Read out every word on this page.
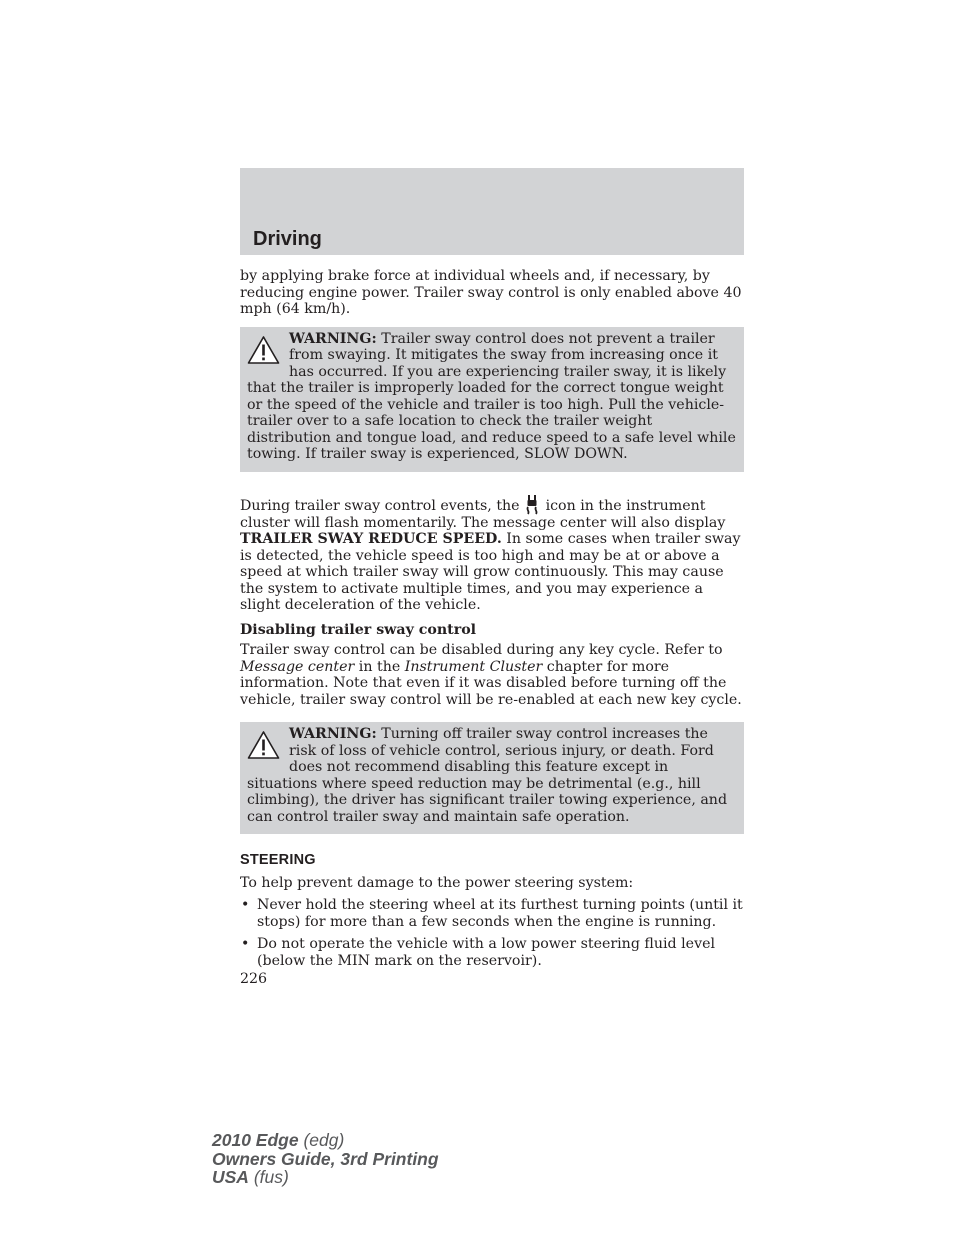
Driving

by applying brake force at individual wheels and, if necessary, by reducing engine power. Trailer sway control is only enabled above 40 mph (64 km/h).

WARNING: Trailer sway control does not prevent a trailer from swaying. It mitigates the sway from increasing once it has occurred. If you are experiencing trailer sway, it is likely that the trailer is improperly loaded for the correct tongue weight or the speed of the vehicle and trailer is too high. Pull the vehicle-trailer over to a safe location to check the trailer weight distribution and tongue load, and reduce speed to a safe level while towing. If trailer sway is experienced, SLOW DOWN.

During trailer sway control events, the icon in the instrument cluster will flash momentarily. The message center will also display TRAILER SWAY REDUCE SPEED. In some cases when trailer sway is detected, the vehicle speed is too high and may be at or above a speed at which trailer sway will grow continuously. This may cause the system to activate multiple times, and you may experience a slight deceleration of the vehicle.

Disabling trailer sway control

Trailer sway control can be disabled during any key cycle. Refer to Message center in the Instrument Cluster chapter for more information. Note that even if it was disabled before turning off the vehicle, trailer sway control will be re-enabled at each new key cycle.

WARNING: Turning off trailer sway control increases the risk of loss of vehicle control, serious injury, or death. Ford does not recommend disabling this feature except in situations where speed reduction may be detrimental (e.g., hill climbing), the driver has significant trailer towing experience, and can control trailer sway and maintain safe operation.

STEERING

To help prevent damage to the power steering system:

• Never hold the steering wheel at its furthest turning points (until it stops) for more than a few seconds when the engine is running.
• Do not operate the vehicle with a low power steering fluid level (below the MIN mark on the reservoir).

226

2010 Edge (edg)
Owners Guide, 3rd Printing
USA (fus)
